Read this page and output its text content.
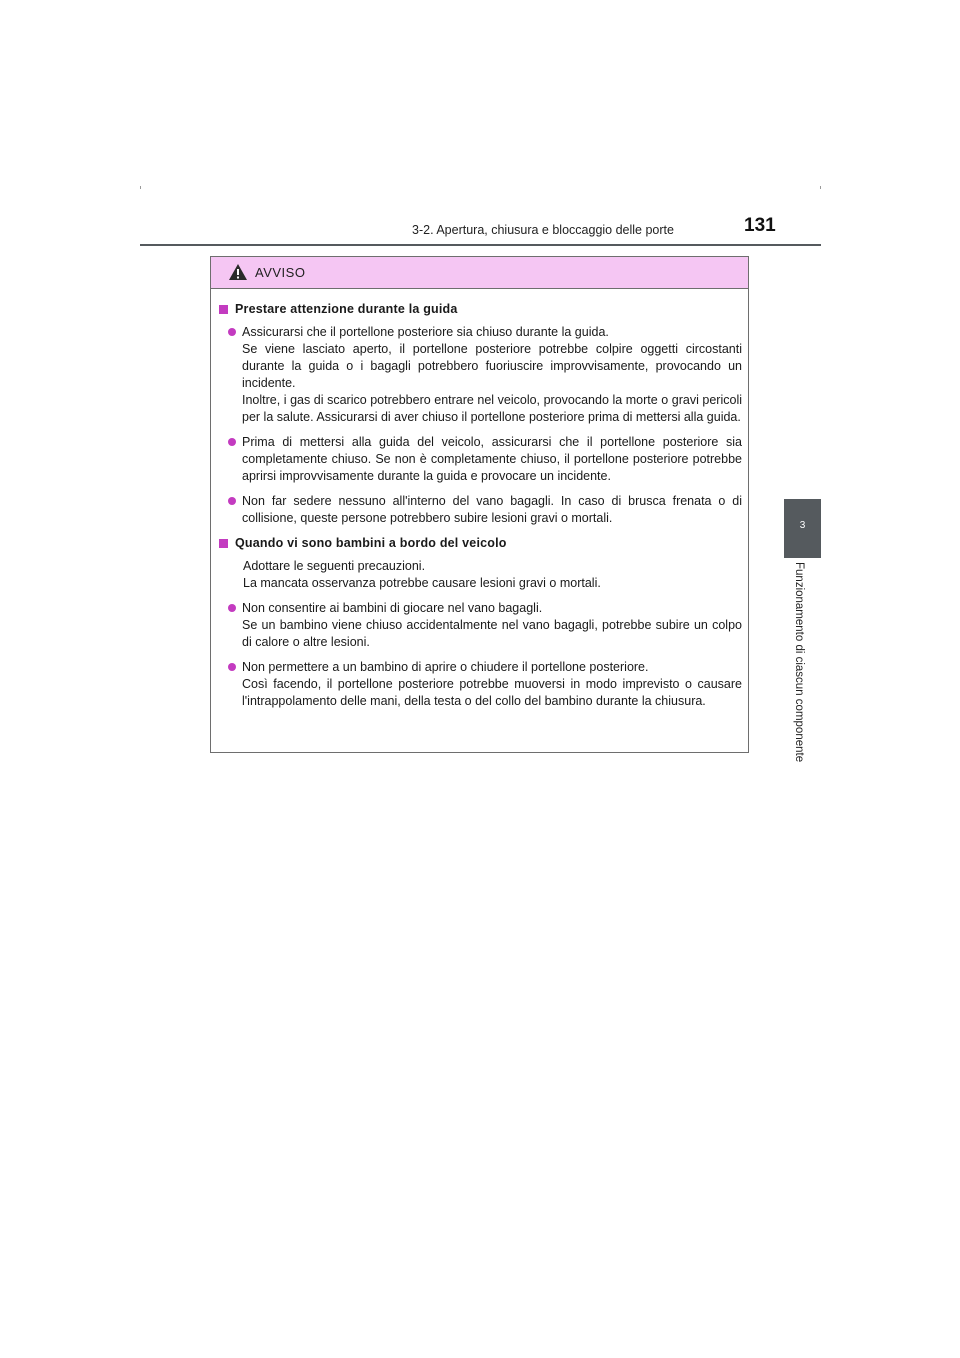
3-2. Apertura, chiusura e bloccaggio delle porte	131
3
Funzionamento di ciascun componente
AVVISO
Prestare attenzione durante la guida

Assicurarsi che il portellone posteriore sia chiuso durante la guida.

Se viene lasciato aperto, il portellone posteriore potrebbe colpire oggetti circostanti durante la guida o i bagagli potrebbero fuoriuscire improvvisamente, provocando un incidente.

Inoltre, i gas di scarico potrebbero entrare nel veicolo, provocando la morte o gravi pericoli per la salute. Assicurarsi di aver chiuso il portellone posteriore prima di mettersi alla guida.

Prima di mettersi alla guida del veicolo, assicurarsi che il portellone posteriore sia completamente chiuso. Se non è completamente chiuso, il portellone posteriore potrebbe aprirsi improvvisamente durante la guida e provocare un incidente.

Non far sedere nessuno all'interno del vano bagagli. In caso di brusca frenata o di collisione, queste persone potrebbero subire lesioni gravi o mortali.

Quando vi sono bambini a bordo del veicolo

Adottare le seguenti precauzioni.

La mancata osservanza potrebbe causare lesioni gravi o mortali.

Non consentire ai bambini di giocare nel vano bagagli.

Se un bambino viene chiuso accidentalmente nel vano bagagli, potrebbe subire un colpo di calore o altre lesioni.

Non permettere a un bambino di aprire o chiudere il portellone posteriore.

Così facendo, il portellone posteriore potrebbe muoversi in modo imprevisto o causare l'intrappolamento delle mani, della testa o del collo del bambino durante la chiusura.
